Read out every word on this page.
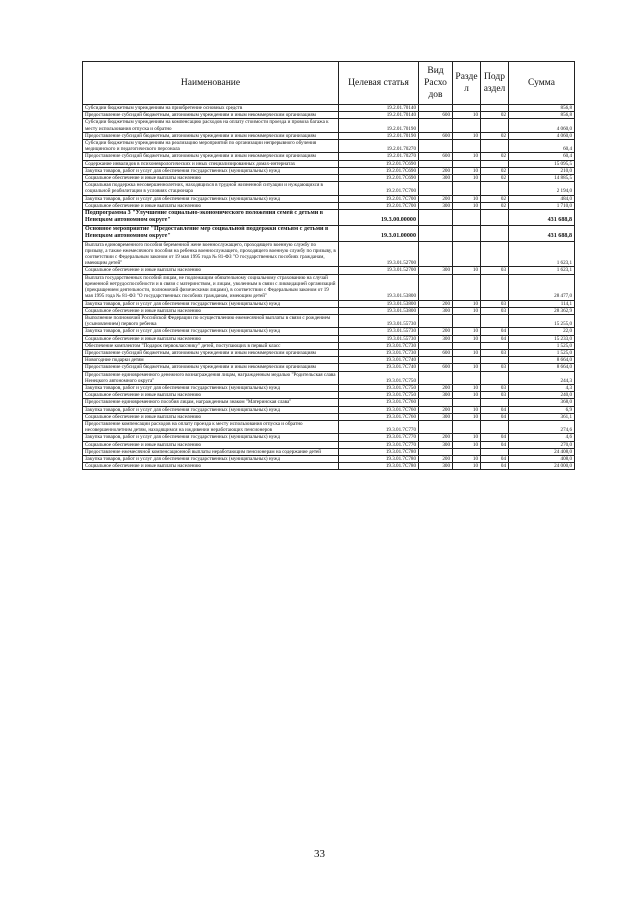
Наименование	Целевая статья	Вид Расхо дов	Разде л	Подр аздел	Сумма
Субсидии бюджетным учреждениям на приобретение основных средств	19.2.01.70140				856,8
Предоставление субсидий бюджетным, автономным учреждениям и иным некоммерческим организациям	19.2.01.70140	600	10	02	856,8
Субсидии бюджетным учреждениям на компенсацию расходов на оплату стоимости проезда и провоза багажа к месту использования отпуска и обратно	19.2.01.70190				4 060,0
Предоставление субсидий бюджетным, автономным учреждениям и иным некоммерческим организациям	19.2.01.70190	600	10	02	4 060,0
Субсидии бюджетным учреждениям на реализацию мероприятий по организации непрерывного обучения медицинского и педагогического персонала	19.2.01.70270				60,4
Предоставление субсидий бюджетным, автономным учреждениям и иным некоммерческим организациям	19.2.01.70270	600	10	02	60,4
Содержание инвалидов в психоневрологических и иных специализированных домах-интернатах	19.2.01.7С690				15 095,5
Закупка товаров, работ и услуг для обеспечения государственных (муниципальных) нужд	19.2.01.7С690	200	10	02	210,0
Социальное обеспечение и иные выплаты населению	19.2.01.7С690	300	10	02	14 885,5
Социальная поддержка несовершеннолетних, находящихся в трудной жизненной ситуации и нуждающихся в социальной реабилитации в условиях стационара	19.2.01.7С700				2 194,0
Закупка товаров, работ и услуг для обеспечения государственных (муниципальных) нужд	19.2.01.7С700	200	10	02	484,0
Социальное обеспечение и иные выплаты населению	19.2.01.7С700	300	10	02	1 710,0
Подпрограмма 3 "Улучшение социально-экономического положения семей с детьми в Ненецком автономном округе"	19.3.00.00000				431 688,8
Основное мероприятие "Предоставление мер социальной поддержки семьям с детьми в Ненецком автономном округе"	19.3.01.00000				431 688,8
Выплата единовременного пособия беременной жене военнослужащего, проходящего военную службу по призыву, а также ежемесячного пособия на ребенка военнослужащего, проходящего военную службу по призыву, в соответствии с Федеральным законом от 19 мая 1995 года № 81-ФЗ "О государственных пособиях гражданам, имеющим детей"	19.3.01.52700				1 623,1
Социальное обеспечение и иные выплаты населению	19.3.01.52700	300	10	03	1 623,1
Выплата государственных пособий лицам, не подлежащим обязательному социальному страхованию на случай временной нетрудоспособности и в связи с материнством, и лицам, уволенным в связи с ликвидацией организаций (прекращением деятельности, полномочий физическими лицами), в соответствии с Федеральным законом от 19 мая 1995 года № 81-ФЗ "О государственных пособиях гражданам, имеющим детей"	19.3.01.53800				28 477,0
Закупка товаров, работ и услуг для обеспечения государственных (муниципальных) нужд	19.3.01.53800	200	10	03	114,1
Социальное обеспечение и иные выплаты населению	19.3.01.53800	300	10	03	28 362,9
Выполнение полномочий Российской Федерации по осуществлению ежемесячной выплаты в связи с рождением (усыновлением) первого ребенка	19.3.01.55730				15 255,0
Закупка товаров, работ и услуг для обеспечения государственных (муниципальных) нужд	19.3.01.55730	200	10	04	22,0
Социальное обеспечение и иные выплаты населению	19.3.01.55730	300	10	04	15 233,0
Обеспечение комплектом "Подарок первокласснику" детей, поступающих в первый класс	19.3.01.7С730				1 525,0
Предоставление субсидий бюджетным, автономным учреждениям и иным некоммерческим организациям	19.3.01.7С730	600	10	03	1 525,0
Новогодние подарки детям	19.3.01.7С740				8 664,0
Предоставление субсидий бюджетным, автономным учреждениям и иным некоммерческим организациям	19.3.01.7С740	600	10	03	8 664,0
Предоставление единовременного денежного вознаграждения лицам, награжденным медалью "Родительская слава Ненецкого автономного округа"	19.3.01.7С750				244,3
Закупка товаров, работ и услуг для обеспечения государственных (муниципальных) нужд	19.3.01.7С750	200	10	03	4,3
Социальное обеспечение и иные выплаты населению	19.3.01.7С750	300	10	03	240,0
Предоставление единовременного пособия лицам, награжденным знаком "Материнская слава"	19.3.01.7С760				368,0
Закупка товаров, работ и услуг для обеспечения государственных (муниципальных) нужд	19.3.01.7С760	200	10	04	6,9
Социальное обеспечение и иные выплаты населению	19.3.01.7С760	300	10	04	361,1
Предоставление компенсации расходов на оплату проезда к месту использования отпуска и обратно несовершеннолетним детям, находящимся на иждивении неработающих пенсионеров	19.3.01.7С770				274,6
Закупка товаров, работ и услуг для обеспечения государственных (муниципальных) нужд	19.3.01.7С770	200	10	04	4,6
Социальное обеспечение и иные выплаты населению	19.3.01.7С770	300	10	04	270,0
Предоставление ежемесячной компенсационной выплаты неработающим пенсионерам на содержание детей	19.3.01.7С780				24 408,0
Закупка товаров, работ и услуг для обеспечения государственных (муниципальных) нужд	19.3.01.7С780	200	10	04	408,0
Социальное обеспечение и иные выплаты населению	19.3.01.7С780	300	10	04	24 000,0
33
